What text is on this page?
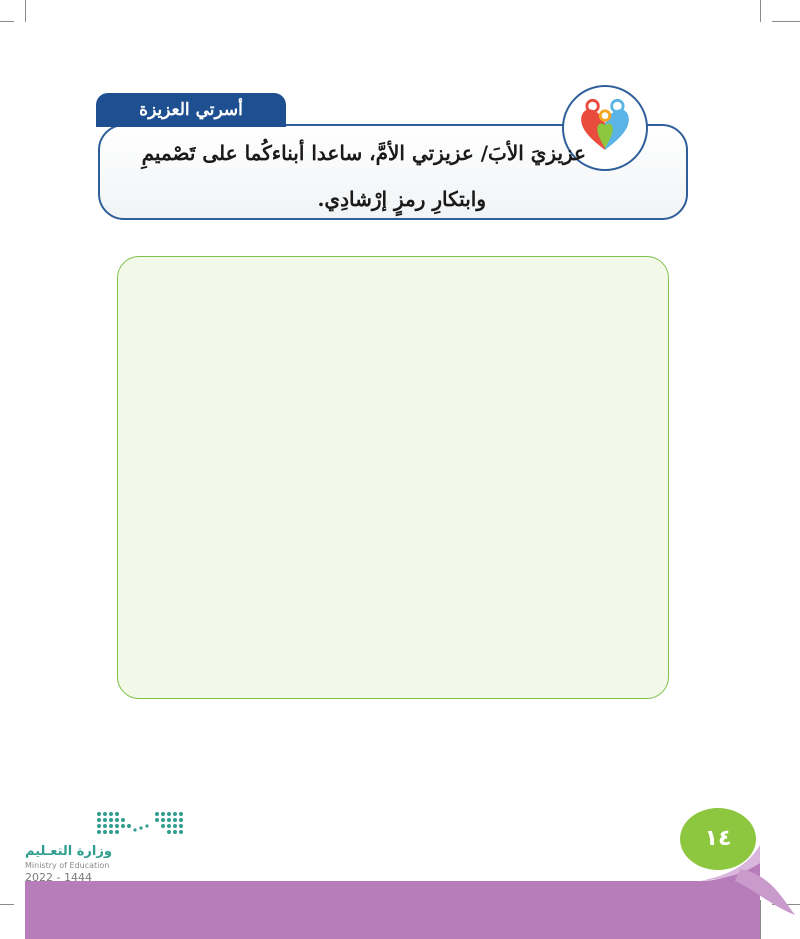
أسرتي العزيزة
عزيزيَ الأبَ/ عزيزتي الأمَّ، ساعدا أبناءكُما على تَصْميمِ
وابتكارِ رمزٍ إرْشادِي.
وزارة التعـليم
Ministry of Education
2022 - 1444
١٤
